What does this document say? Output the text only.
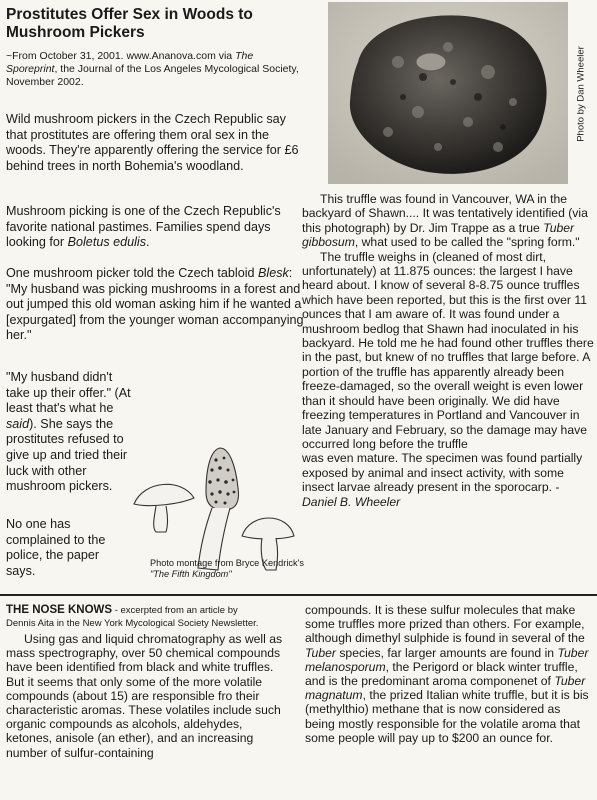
Prostitutes Offer Sex in Woods to Mushroom Pickers
~From October 31, 2001. www.Ananova.com via The Sporeprint, the Journal of the Los Angeles Mycological Society, November 2002.

Wild mushroom pickers in the Czech Republic say that prostitutes are offering them oral sex in the woods. They're apparently offering the service for £6 behind trees in north Bohemia's woodland.

Mushroom picking is one of the Czech Republic's favorite national pastimes. Families spend days looking for Boletus edulis.

One mushroom picker told the Czech tabloid Blesk: "My husband was picking mushrooms in a forest and out jumped this old woman asking him if he wanted a [expurgated] from the younger woman accompanying her."

"My husband didn't take up their offer." (At least that's what he said). She says the prostitutes refused to give up and tried their luck with other mushroom pickers.

No one has complained to the police, the paper says.

Photo by Dan Wheeler

This truffle was found in Vancouver, WA in the backyard of Shawn.... It was tentatively identified (via this photograph) by Dr. Jim Trappe as a true Tuber gibbosum, what used to be called the "spring form."

The truffle weighs in (cleaned of most dirt, unfortunately) at 11.875 ounces: the largest I have heard about. I know of several 8-8.75 ounce truffles which have been reported, but this is the first over 11 ounces that I am aware of. It was found under a mushroom bedlog that Shawn had inoculated in his backyard. He told me he had found other truffles there in the past, but knew of no truffles that large before. A portion of the truffle has apparently already been freeze-damaged, so the overall weight is even lower than it should have been originally. We did have freezing temperatures in Portland and Vancouver in late January and February, so the damage may have occurred long before the truffle

was even mature. The specimen was found partially exposed by animal and insect activity, with some insect larvae already present in the sporocarp. - Daniel B. Wheeler

Photo montage from Bryce Kendrick's "The Fifth Kingdom"
THE NOSE KNOWS - excerpted from an article by
Dennis Aita in the New York Mycological Society Newsletter.

Using gas and liquid chromatography as well as mass spectrography, over 50 chemical compounds have been identified from black and white truffles. But it seems that only some of the more volatile compounds (about 15) are responsible fro their characteristic aromas. These volatiles include such organic compounds as alcohols, aldehydes, ketones, anisole (an ether), and an increasing number of sulfur-containing

compounds. It is these sulfur molecules that make some truffles more prized than others. For example, although dimethyl sulphide is found in several of the Tuber species, far larger amounts are found in Tuber melanosporum, the Perigord or black winter truffle, and is the predominant aroma componenet of Tuber magnatum, the prized Italian white truffle, but it is bis (methylthio) methane that is now considered as being mostly responsible for the volatile aroma that some people will pay up to $200 an ounce for.
